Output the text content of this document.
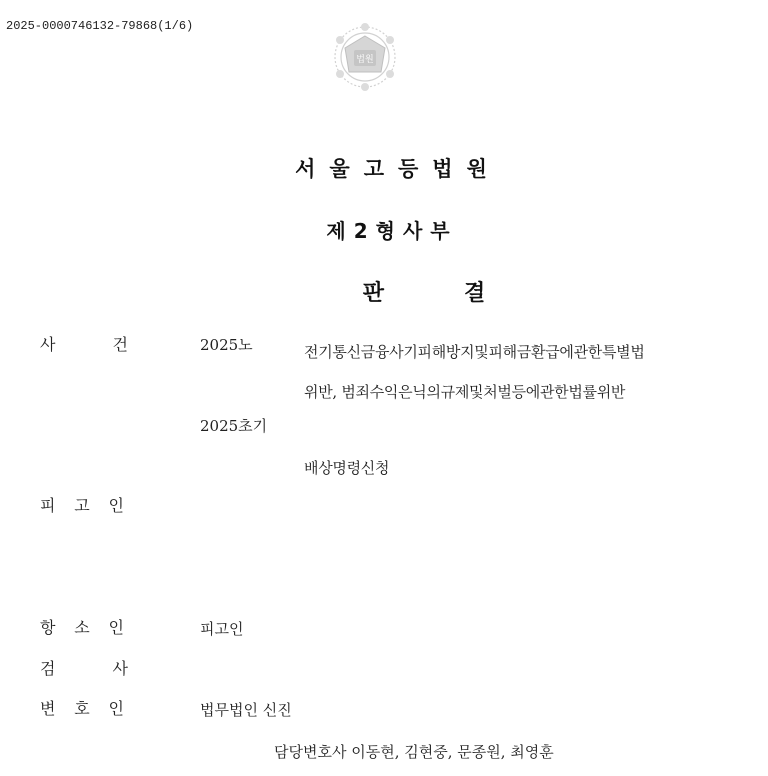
2025-0000746132-79868(1/6)
법원
서울고등법원
제2형사부
판결
사	건	2025노	전기통신금융사기피해방지및피해금환급에관한특별법
위반, 범죄수익은닉의규제및처벌등에관한법률위반
2025초기
배상명령신청
피 고 인
항 소 인	피고인
검	사
변 호 인	법무법인 신진
담당변호사 이동현, 김현중, 문종원, 최영훈
